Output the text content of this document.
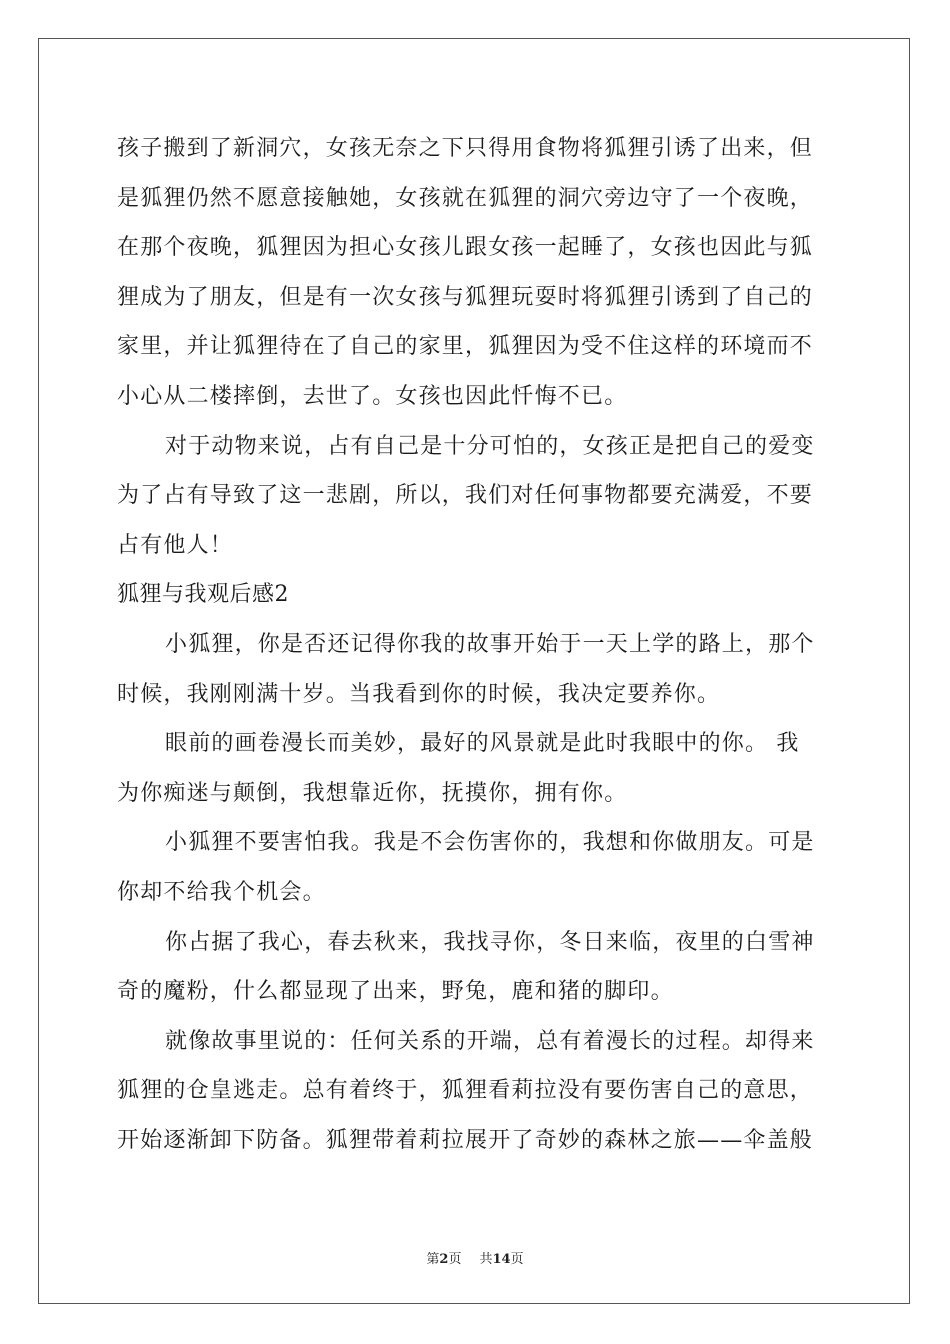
孩子搬到了新洞穴，女孩无奈之下只得用食物将狐狸引诱了出来，但
是狐狸仍然不愿意接触她，女孩就在狐狸的洞穴旁边守了一个夜晚，
在那个夜晚，狐狸因为担心女孩儿跟女孩一起睡了，女孩也因此与狐
狸成为了朋友，但是有一次女孩与狐狸玩耍时将狐狸引诱到了自己的
家里，并让狐狸待在了自己的家里，狐狸因为受不住这样的环境而不
小心从二楼摔倒，去世了。女孩也因此忏悔不已。
对于动物来说，占有自己是十分可怕的，女孩正是把自己的爱变
为了占有导致了这一悲剧，所以，我们对任何事物都要充满爱，不要
占有他人！
狐狸与我观后感2
小狐狸，你是否还记得你我的故事开始于一天上学的路上，那个
时候，我刚刚满十岁。当我看到你的时候，我决定要养你。
眼前的画卷漫长而美妙，最好的风景就是此时我眼中的你。 我
为你痴迷与颠倒，我想靠近你，抚摸你，拥有你。
小狐狸不要害怕我。我是不会伤害你的，我想和你做朋友。可是
你却不给我个机会。
你占据了我心，春去秋来，我找寻你，冬日来临，夜里的白雪神
奇的魔粉，什么都显现了出来，野兔，鹿和猪的脚印。
就像故事里说的：任何关系的开端，总有着漫长的过程。却得来
狐狸的仓皇逃走。总有着终于，狐狸看莉拉没有要伤害自己的意思，
开始逐渐卸下防备。狐狸带着莉拉展开了奇妙的森林之旅——伞盖般
第2页 共14页
